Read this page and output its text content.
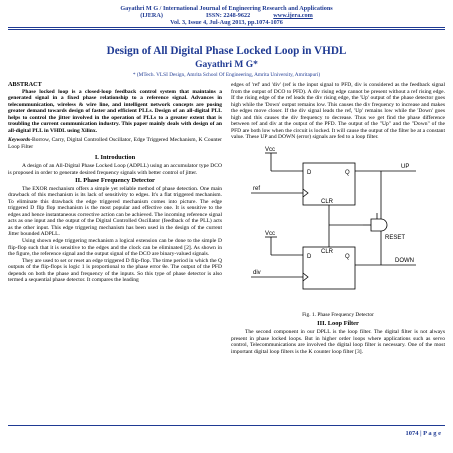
Gayathri M G / International Journal of Engineering Research and Applications
(IJERA)	ISSN: 2248-9622	www.ijera.com
Vol. 3, Issue 4, Jul-Aug 2013, pp.1074-1076
Design of All Digital Phase Locked Loop in VHDL
Gayathri M G*
* (MTech. VLSI Design, Amrita School Of Engineering, Amrita University, Amritapuri)
ABSTRACT

Phase locked loop is a closed-loop feedback control system that maintains a generated signal in a fixed phase relationship to a reference signal. Advances in telecommunication, wireless & wire line, and intelligent network concepts are posing greater demand towards design of faster and efficient PLLs. Design of an all-digital PLL helps to control the jitter involved in the operation of PLLs to a greater extent that is troubling the current communication industry. This paper mainly deals with design of an all-digital PLL in VHDL using Xilinx.

Keywords-Borrow, Carry, Digital Controlled Oscillator, Edge Triggered Mechanism, K Counter Loop Filter

I. Introduction

A design of an All-Digital Phase Locked Loop (ADPLL) using an accumulator type DCO is proposed in order to generate desired frequency signals with better control of jitter.

II. Phase Frequency Detector

The EXOR mechanism offers a simple yet reliable method of phase detection. One main drawback of this mechanism is its lack of sensitivity to edges. It's a flat triggered mechanism. To eliminate this drawback the edge triggered mechanism comes into picture. The edge triggered D flip flop mechanism is the most popular and effective one. It is sensitive to the edges and hence instantaneous corrective action can be achieved. The incoming reference signal acts as one input and the output of the Digital Controlled Oscillator (feedback of the PLL) acts as the other input. This edge triggering mechanism has been used in the design of the current Jitter bounded ADPLL.

Using shown edge triggering mechanism a logical extension can be done to the simple D flip-flop such that it is sensitive to the edges and the clock can be eliminated [2]. As shown in the figure, the reference signal and the output signal of the DCO are binary-valued signals.

They are used to set or reset an edge triggered D flip-flop. The time period in which the Q outputs of the flip-flops is logic 1 is proportional to the phase error θe. The output of the PFD depends on both the phase and frequency of the inputs. So this type of phase detector is also termed a sequential phase detector. It compares the leading

edges of 'ref' and 'div' (ref is the input signal to PFD, div is considered as the feedback signal from the output of DCO to PFD). A div rising edge cannot be present without a ref rising edge. If the rising edge of the ref leads the div rising edge, the 'Up' output of the phase detector goes high while the 'Down' output remains low. This causes the div frequency to increase and makes the edges move closer. If the div signal leads the ref, 'Up' remains low while the 'Down' goes high and this causes the div frequency to decrease. Thus we get find the phase difference between ref and div at the output of the PFD. The output of the "Up" and the "Down" of the PFD are both low when the circuit is locked. It will cause the output of the filter be at a constant value. These UP and DOWN (error) signals are fed to a loop filter.

Vcc
Vcc
ref
div
D	Q
CLR
D	Q
CLR
UP
RESET
DOWN
Fig. 1. Phase Frequency Detector
III. Loop Filter

The second component in our DPLL is the loop filter. The digital filter is not always present in phase locked loops. But in higher order loops where applications such as servo control, Telecommunications are involved the digital loop filter is necessary. One of the most important digital loop filters is the K counter loop filter [3].

1074 | P a g e
